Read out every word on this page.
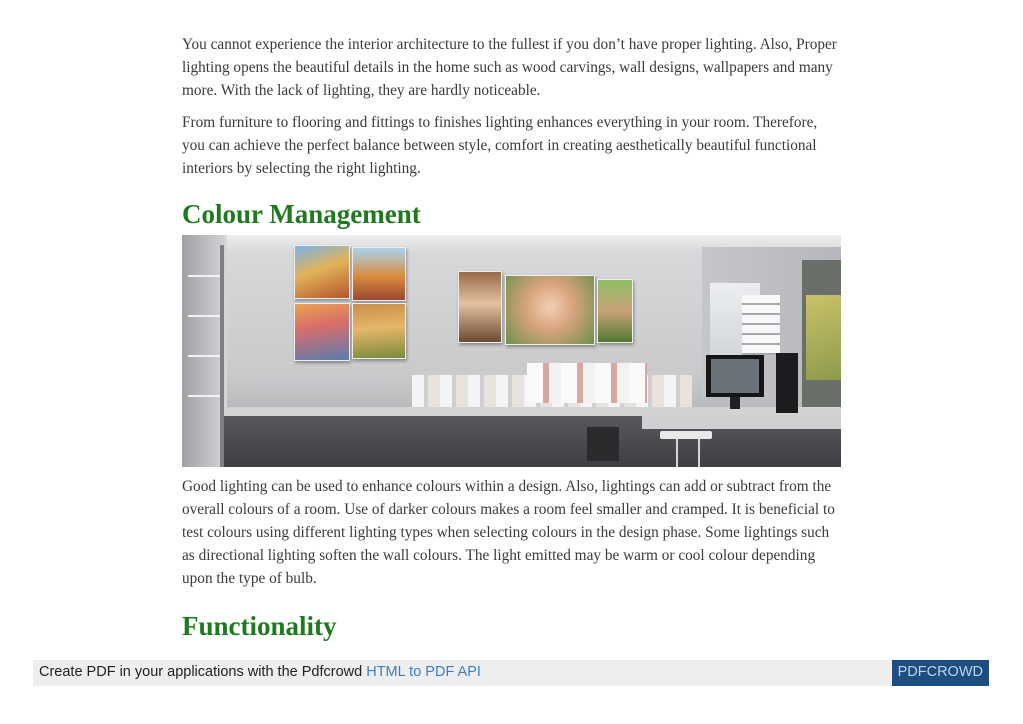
You cannot experience the interior architecture to the fullest if you don’t have proper lighting. Also, Proper lighting opens the beautiful details in the home such as wood carvings, wall designs, wallpapers and many more. With the lack of lighting, they are hardly noticeable.

From furniture to flooring and fittings to finishes lighting enhances everything in your room. Therefore, you can achieve the perfect balance between style, comfort in creating aesthetically beautiful functional interiors by selecting the right lighting.

Colour Management

Good lighting can be used to enhance colours within a design. Also, lightings can add or subtract from the overall colours of a room. Use of darker colours makes a room feel smaller and cramped. It is beneficial to test colours using different lighting types when selecting colours in the design phase. Some lightings such as directional lighting soften the wall colours. The light emitted may be warm or cool colour depending upon the type of bulb.

Functionality
Create PDF in your applications with the Pdfcrowd HTML to PDF API	PDFCROWD
